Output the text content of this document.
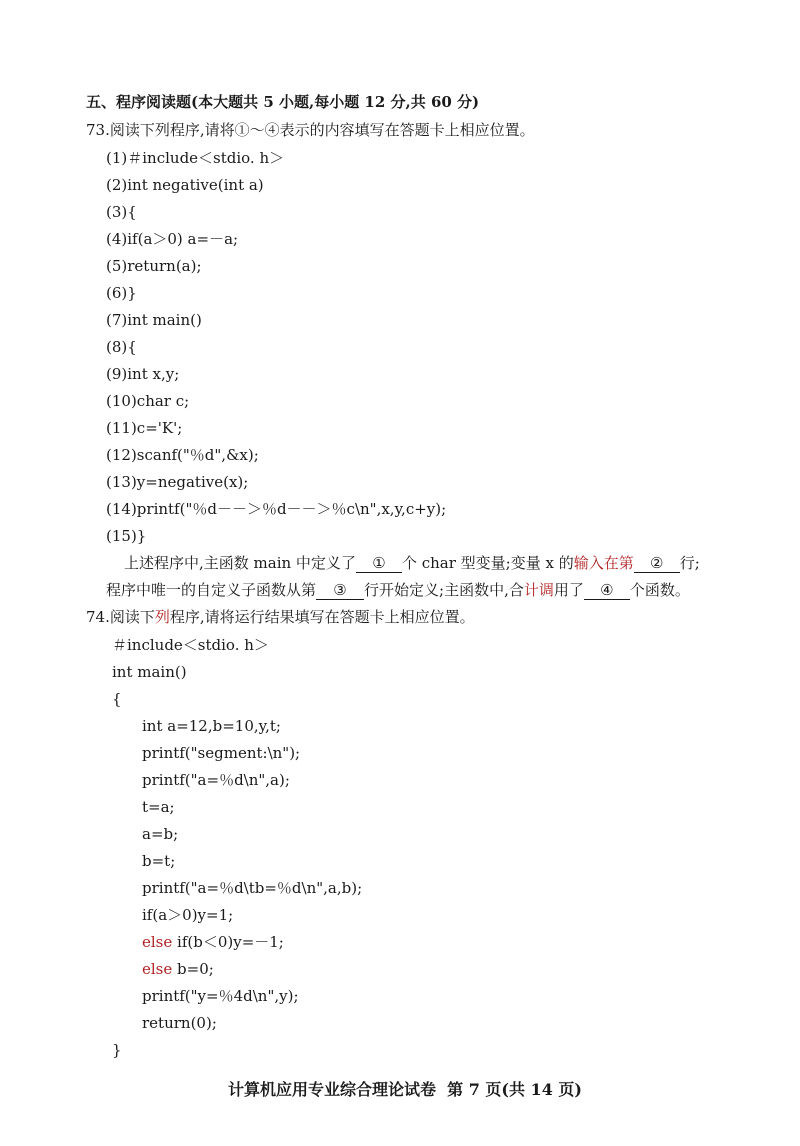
五、程序阅读题(本大题共 5 小题,每小题 12 分,共 60 分)
73.阅读下列程序,请将①～④表示的内容填写在答题卡上相应位置。
(1)＃include＜stdio. h＞
(2)int negative(int a)
(3){
(4)if(a＞0) a=－a;
(5)return(a);
(6)}
(7)int main()
(8){
(9)int x,y;
(10)char c;
(11)c='K';
(12)scanf("％d",&x);
(13)y=negative(x);
(14)printf("％d－－＞％d－－＞％c\n",x,y,c+y);
(15)}
上述程序中,主函数 main 中定义了 ① 个 char 型变量;变量 x 的输入在第 ② 行;
程序中唯一的自定义子函数从第 ③ 行开始定义;主函数中,合计调用了 ④ 个函数。
74.阅读下列程序,请将运行结果填写在答题卡上相应位置。
＃include＜stdio. h＞
int main()
{
int a=12,b=10,y,t;
printf("segment:\n");
printf("a=％d\n",a);
t=a;
a=b;
b=t;
printf("a=％d\tb=％d\n",a,b);
if(a＞0)y=1;
else if(b＜0)y=－1;
else b=0;
printf("y=％4d\n",y);
return(0);
}
计算机应用专业综合理论试卷  第 7 页(共 14 页)
